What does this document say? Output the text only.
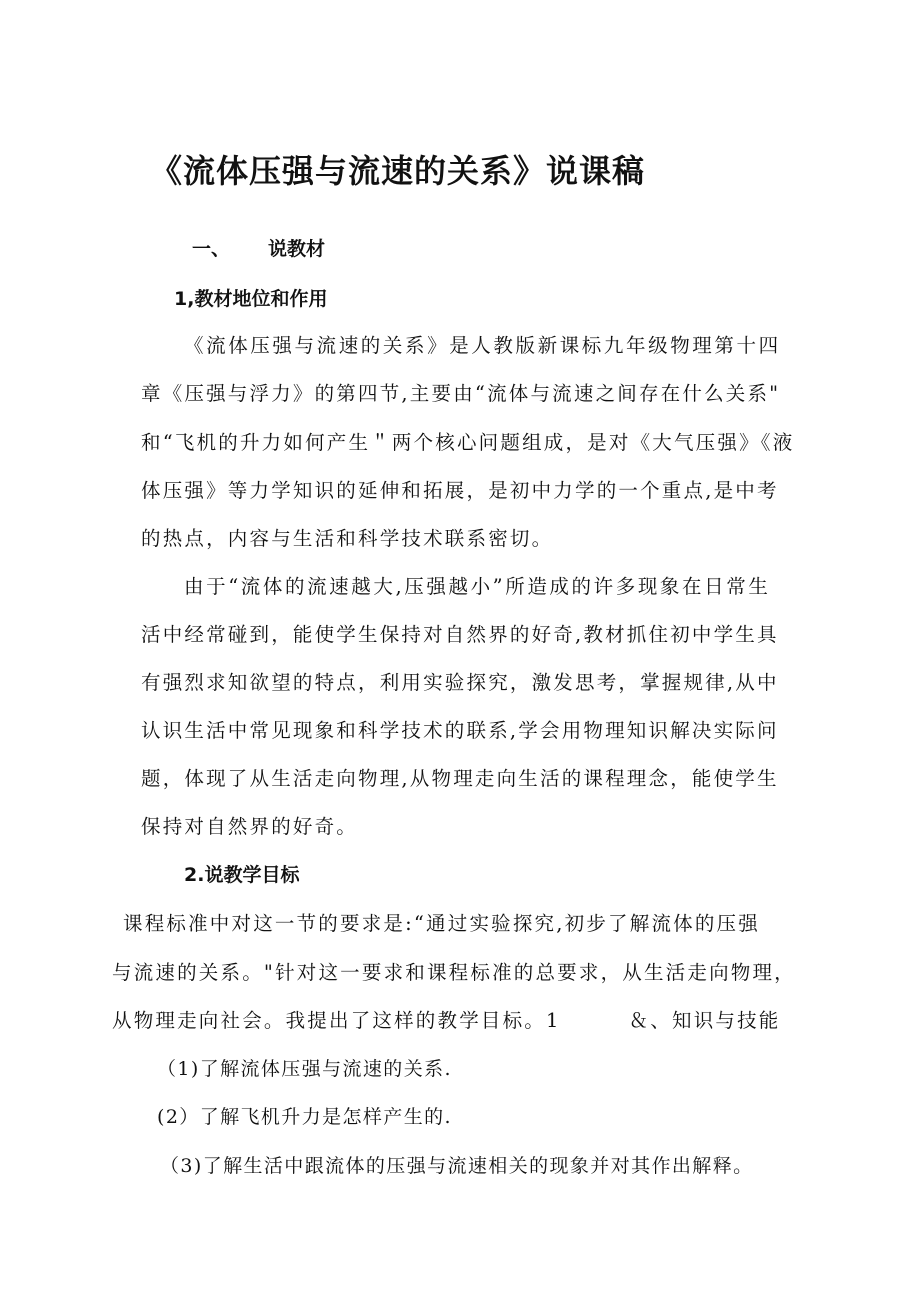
《流体压强与流速的关系》说课稿
一、 说教材
1,教材地位和作用

《流体压强与流速的关系》是人教版新课标九年级物理第十四

章《压强与浮力》的第四节,主要由“流体与流速之间存在什么关系"

和“飞机的升力如何产生＂两个核心问题组成，是对《大气压强》《液

体压强》等力学知识的延伸和拓展，是初中力学的一个重点,是中考

的热点，内容与生活和科学技术联系密切。

由于“流体的流速越大,压强越小”所造成的许多现象在日常生

活中经常碰到，能使学生保持对自然界的好奇,教材抓住初中学生具

有强烈求知欲望的特点，利用实验探究，激发思考，掌握规律,从中

认识生活中常见现象和科学技术的联系,学会用物理知识解决实际问

题，体现了从生活走向物理,从物理走向生活的课程理念，能使学生

保持对自然界的好奇。

2.说教学目标

课程标准中对这一节的要求是:“通过实验探究,初步了解流体的压强

与流速的关系。"针对这一要求和课程标准的总要求，从生活走向物理，

从物理走向社会。我提出了这样的教学目标。1	＆、知识与技能

（1)了解流体压强与流速的关系.

(2）了解飞机升力是怎样产生的.

（3)了解生活中跟流体的压强与流速相关的现象并对其作出解释。
